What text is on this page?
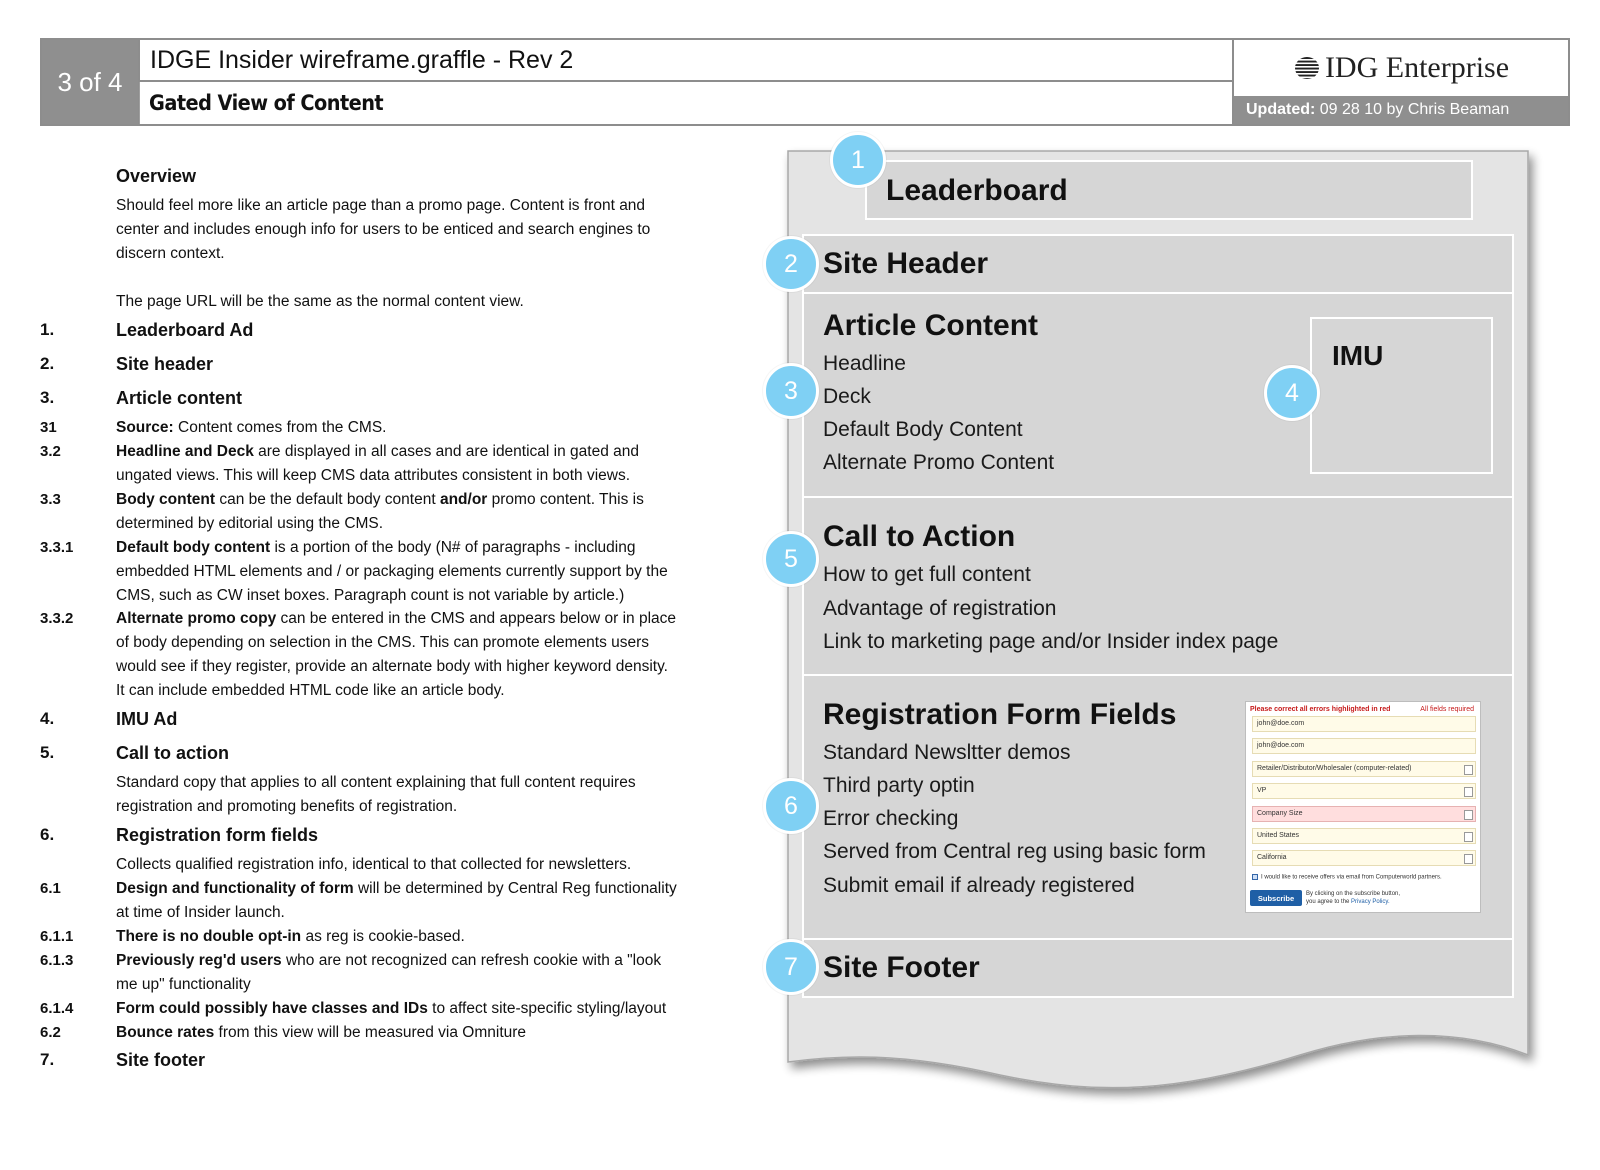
3 of 4
IDGE Insider wireframe.graffle - Rev 2
Gated View of Content
IDG Enterprise
Updated: 09 28 10 by Chris Beaman
Overview
Should feel more like an article page than a promo page. Content is front and
center and includes enough info for users to be enticed and search engines to
discern context.
The page URL will be the same as the normal content view.
1.	Leaderboard Ad
2.	Site header
3.	Article content
31	Source: Content comes from the CMS.
3.2	Headline and Deck are displayed in all cases and are identical in gated and
ungated views. This will keep CMS data attributes consistent in both views.
3.3	Body content can be the default body content and/or promo content. This is
determined by editorial using the CMS.
3.3.1	Default body content is a portion of the body (N# of paragraphs - including
embedded HTML elements and / or packaging elements currently support by the
CMS, such as CW inset boxes. Paragraph count is not variable by article.)
3.3.2	Alternate promo copy can be entered in the CMS and appears below or in place
of body depending on selection in the CMS. This can promote elements users
would see if they register, provide an alternate body with higher keyword density.
It can include embedded HTML code like an article body.
4.	IMU Ad
5.	Call to action
Standard copy that applies to all content explaining that full content requires
registration and promoting benefits of registration.
6.	Registration form fields
Collects qualified registration info, identical to that collected for newsletters.
6.1	Design and functionality of form will be determined by Central Reg functionality
at time of Insider launch.
6.1.1	There is no double opt-in as reg is cookie-based.
6.1.3	Previously reg'd users who are not recognized can refresh cookie with a "look
me up" functionality
6.1.4	Form could possibly have classes and IDs to affect site-specific styling/layout
6.2	Bounce rates from this view will be measured via Omniture
7.	Site footer
Leaderboard
Site Header
Article Content
Headline
Deck
Default Body Content
Alternate Promo Content
IMU
Call to Action
How to get full content
Advantage of registration
Link to marketing page and/or Insider index page
Registration Form Fields
Standard Newsltter demos
Third party optin
Error checking
Served from Central reg using basic form
Submit email if already registered
Please correct all errors highlighted in red	All fields required
john@doe.com
john@doe.com
Retailer/Distributor/Wholesaler (computer-related)
VP
Company Size
United States
California
I would like to receive offers via email from Computerworld partners.
Subscribe	By clicking on the subscribe button,
you agree to the Privacy Policy.
Site Footer
1
2
3	4
5
6
7
